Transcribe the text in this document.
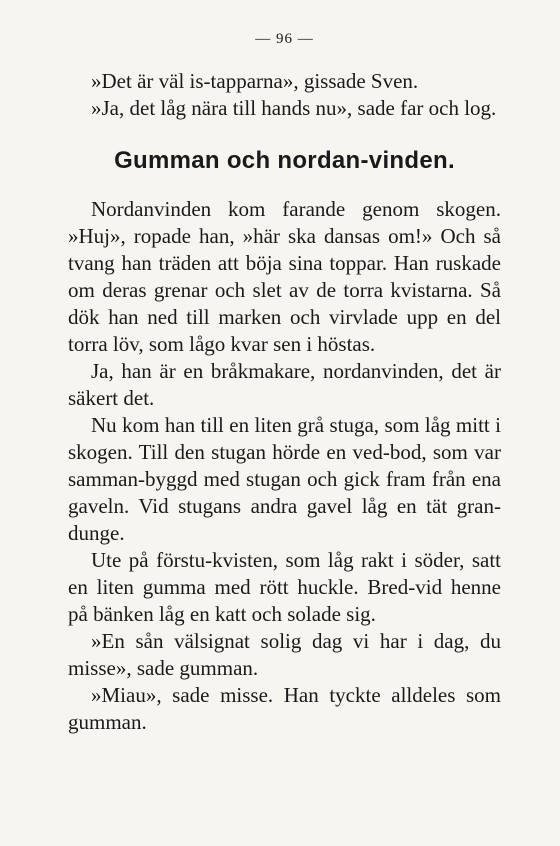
— 96 —

»Det är väl is-tapparna», gissade Sven.

»Ja, det låg nära till hands nu», sade far och log.

Gumman och nordan-vinden.

Nordanvinden kom farande genom skogen. »Huj», ropade han, »här ska dansas om!» Och så tvang han träden att böja sina toppar. Han ruskade om deras grenar och slet av de torra kvistarna. Så dök han ned till marken och virvlade upp en del torra löv, som lågo kvar sen i höstas.

Ja, han är en bråkmakare, nordanvinden, det är säkert det.

Nu kom han till en liten grå stuga, som låg mitt i skogen. Till den stugan hörde en ved-bod, som var samman-byggd med stugan och gick fram från ena gaveln. Vid stugans andra gavel låg en tät gran-dunge.

Ute på förstu-kvisten, som låg rakt i söder, satt en liten gumma med rött huckle. Bred-vid henne på bänken låg en katt och solade sig.

»En sån välsignat solig dag vi har i dag, du misse», sade gumman.

»Miau», sade misse. Han tyckte alldeles som gumman.
